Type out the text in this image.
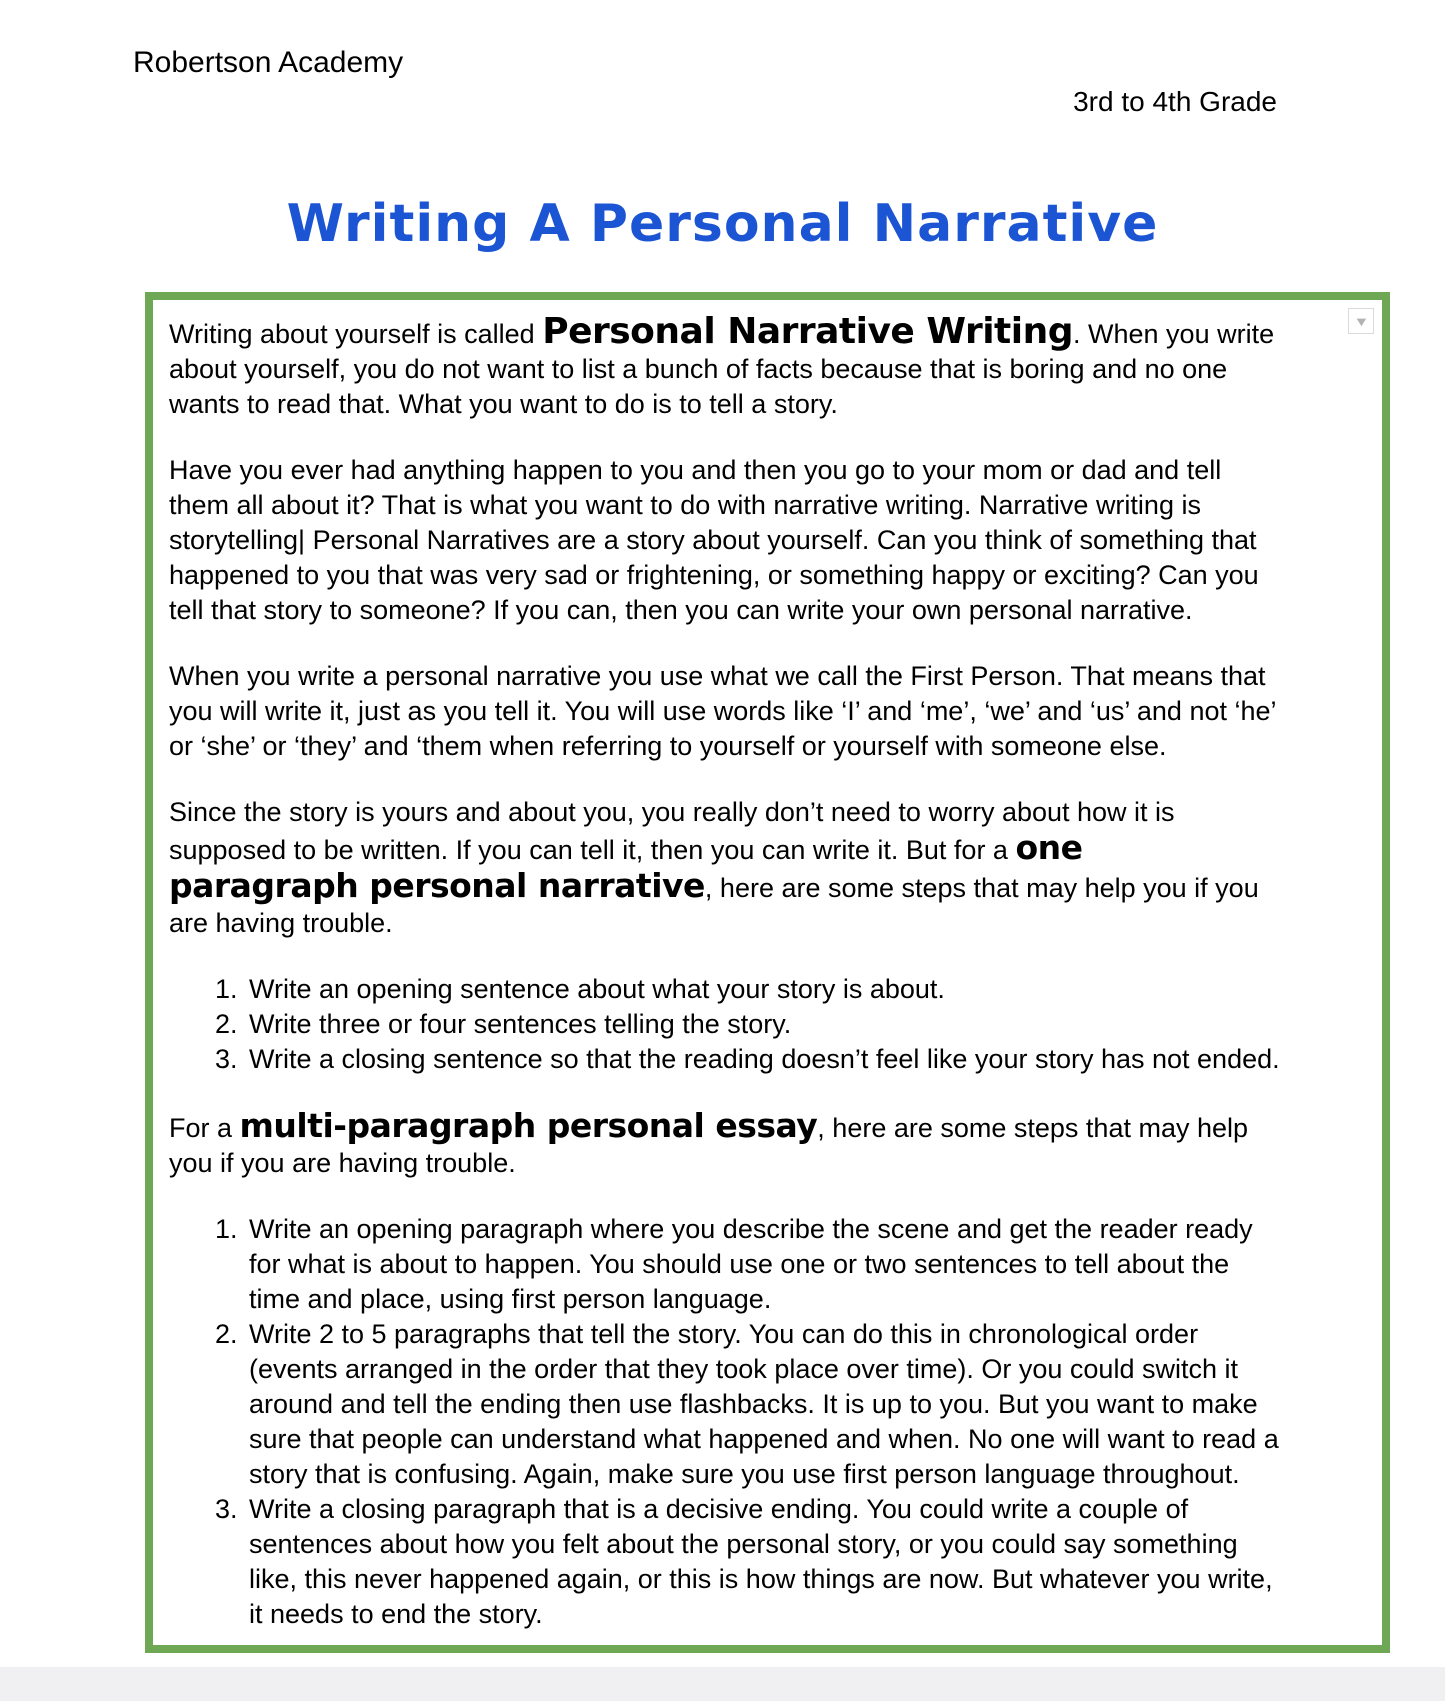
Robertson Academy
3rd to 4th Grade
Writing A Personal Narrative
▼

Writing about yourself is called Personal Narrative Writing. When you write about yourself, you do not want to list a bunch of facts because that is boring and no one wants to read that. What you want to do is to tell a story.

Have you ever had anything happen to you and then you go to your mom or dad and tell them all about it? That is what you want to do with narrative writing. Narrative writing is storytelling| Personal Narratives are a story about yourself. Can you think of something that happened to you that was very sad or frightening, or something happy or exciting? Can you tell that story to someone? If you can, then you can write your own personal narrative.

When you write a personal narrative you use what we call the First Person. That means that you will write it, just as you tell it. You will use words like ‘I’ and ‘me’, ‘we’ and ‘us’ and not ‘he’ or ‘she’ or ‘they’ and ‘them when referring to yourself or yourself with someone else.

Since the story is yours and about you, you really don’t need to worry about how it is supposed to be written. If you can tell it, then you can write it. But for a one paragraph personal narrative, here are some steps that may help you if you are having trouble.

1. Write an opening sentence about what your story is about.
2. Write three or four sentences telling the story.
3. Write a closing sentence so that the reading doesn’t feel like your story has not ended.

For a multi-paragraph personal essay, here are some steps that may help you if you are having trouble.

1. Write an opening paragraph where you describe the scene and get the reader ready for what is about to happen. You should use one or two sentences to tell about the time and place, using first person language.
2. Write 2 to 5 paragraphs that tell the story. You can do this in chronological order (events arranged in the order that they took place over time). Or you could switch it around and tell the ending then use flashbacks. It is up to you. But you want to make sure that people can understand what happened and when. No one will want to read a story that is confusing. Again, make sure you use first person language throughout.
3. Write a closing paragraph that is a decisive ending. You could write a couple of sentences about how you felt about the personal story, or you could say something like, this never happened again, or this is how things are now. But whatever you write, it needs to end the story.
